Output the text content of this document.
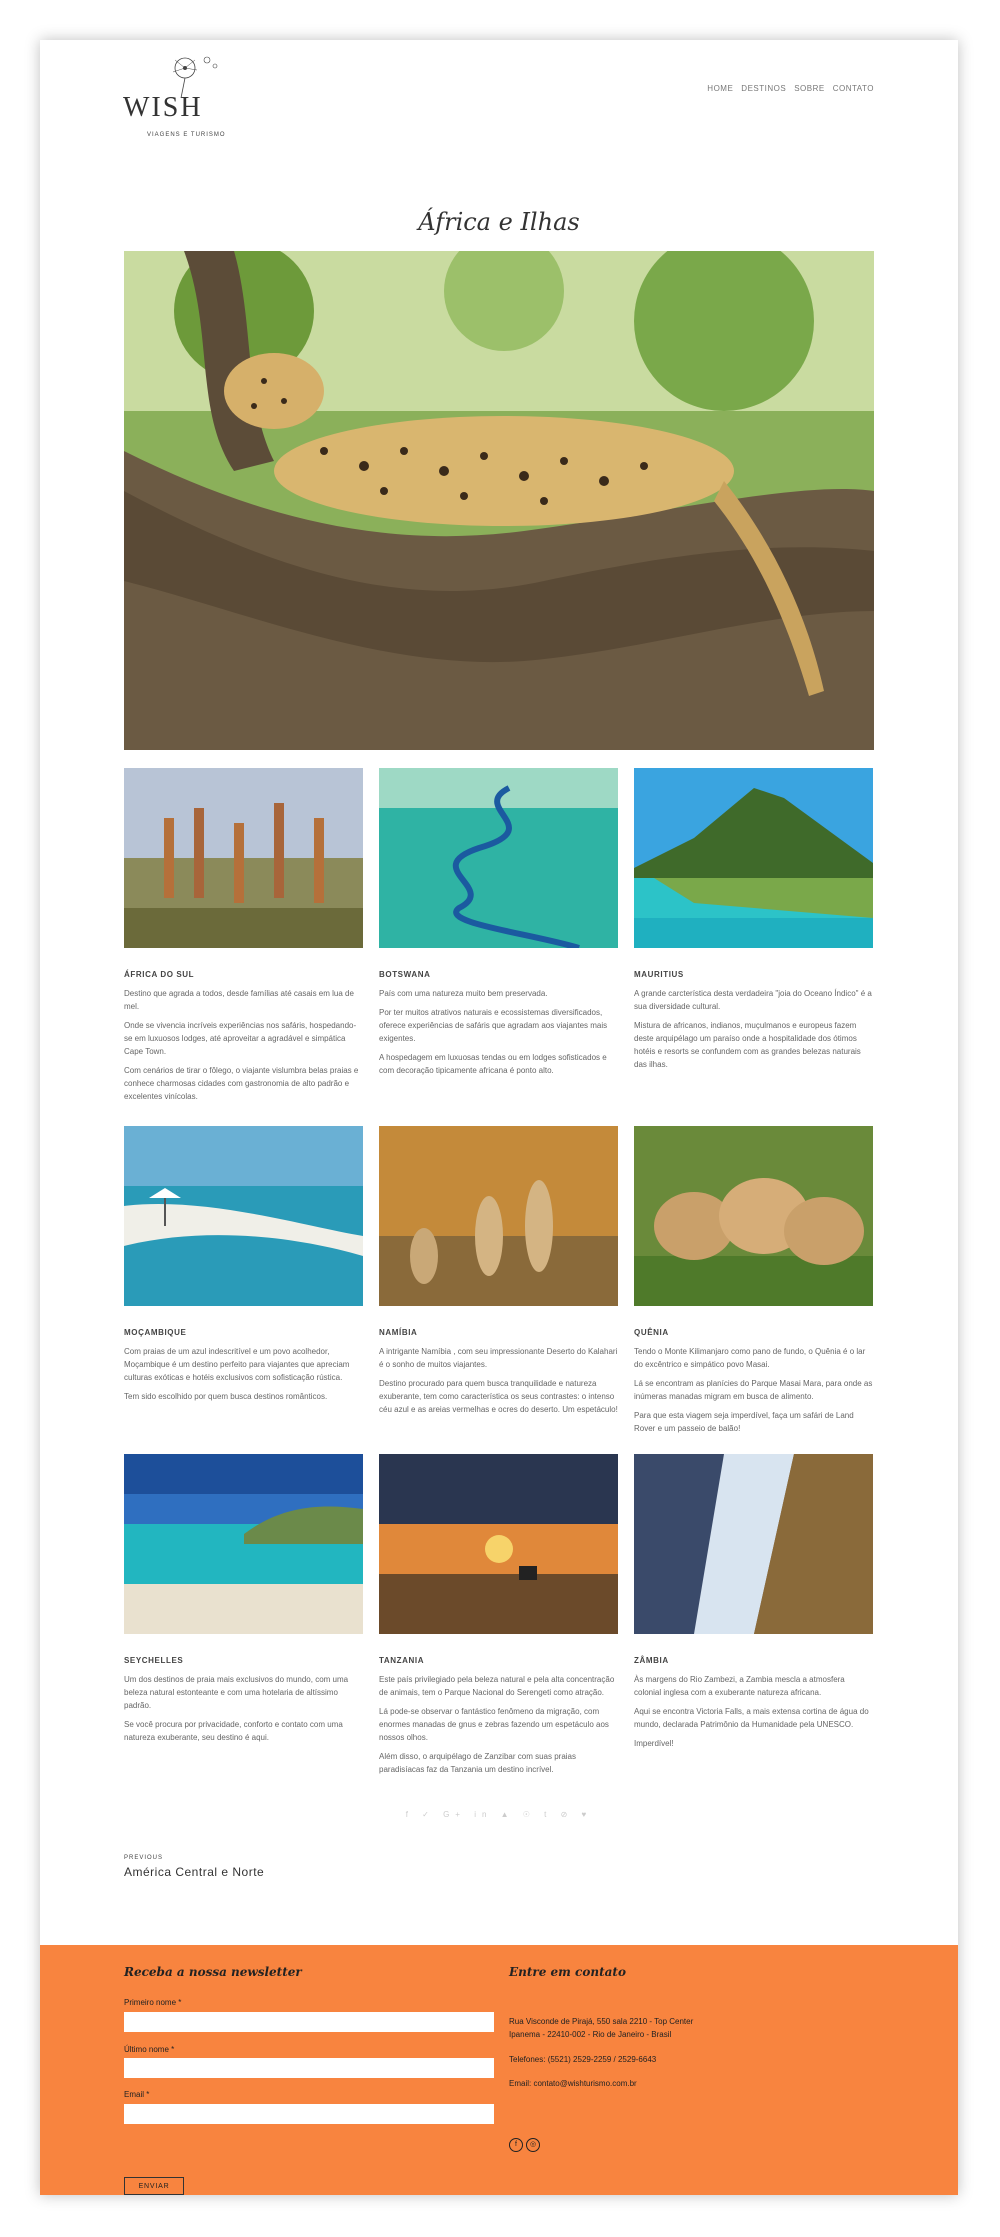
WISH
VIAGENS E TURISMO
HOME DESTINOS SOBRE CONTATO
África e Ilhas
ÁFRICA DO SUL

Destino que agrada a todos, desde famílias até casais em lua de mel.

Onde se vivencia incríveis experiências nos safáris, hospedando-se em luxuosos lodges, até aproveitar a agradável e simpática Cape Town.

Com cenários de tirar o fôlego, o viajante vislumbra belas praias e conhece charmosas cidades com gastronomia de alto padrão e excelentes vinícolas.

BOTSWANA

País com uma natureza muito bem preservada.

Por ter muitos atrativos naturais e ecossistemas diversificados, oferece experiências de safáris que agradam aos viajantes mais exigentes.

A hospedagem em luxuosas tendas ou em lodges sofisticados e com decoração tipicamente africana é ponto alto.

MAURITIUS

A grande carcterística desta verdadeira "joia do Oceano Índico" é a sua diversidade cultural.

Mistura de africanos, indianos, muçulmanos e europeus fazem deste arquipélago um paraíso onde a hospitalidade dos ótimos hotéis e resorts se confundem com as grandes belezas naturais das ilhas.

MOÇAMBIQUE

Com praias de um azul indescritível e um povo acolhedor, Moçambique é um destino perfeito para viajantes que apreciam culturas exóticas e hotéis exclusivos com sofisticação rústica.

Tem sido escolhido por quem busca destinos românticos.

NAMÍBIA

A intrigante Namíbia , com seu impressionante Deserto do Kalahari é o sonho de muitos viajantes.

Destino procurado para quem busca tranquilidade e natureza exuberante, tem como característica os seus contrastes: o intenso céu azul e as areias vermelhas e ocres do deserto. Um espetáculo!

QUÊNIA

Tendo o Monte Kilimanjaro como pano de fundo, o Quênia é o lar do excêntrico e simpático povo Masai.

Lá se encontram as planícies do Parque Masai Mara, para onde as inúmeras manadas migram em busca de alimento.

Para que esta viagem seja imperdível, faça um safári de Land Rover e um passeio de balão!

SEYCHELLES

Um dos destinos de praia mais exclusivos do mundo, com uma beleza natural estonteante e com uma hotelaria de altíssimo padrão.

Se você procura por privacidade, conforto e contato com uma natureza exuberante, seu destino é aqui.

TANZANIA

Este país privilegiado pela beleza natural e pela alta concentração de animais, tem o Parque Nacional do Serengeti como atração.

Lá pode-se observar o fantástico fenômeno da migração, com enormes manadas de gnus e zebras fazendo um espetáculo aos nossos olhos.

Além disso, o arquipélago de Zanzibar com suas praias paradisíacas faz da Tanzania um destino incrível.

ZÂMBIA

Às margens do Rio Zambezi, a Zambia mescla a atmosfera colonial inglesa com a exuberante natureza africana.

Aqui se encontra Victoria Falls, a mais extensa cortina de água do mundo, declarada Patrimônio da Humanidade pela UNESCO.

Imperdível!

f ✓ G+ in ▲ ☉ t ⊘ ♥
PREVIOUS
América Central e Norte
Receba a nossa newsletter
Primeiro nome *
Último nome *
Email *
ENVIAR
Entre em contato
Rua Visconde de Pirajá, 550 sala 2210 - Top Center
Ipanema - 22410-002 - Rio de Janeiro - Brasil
Telefones: (5521) 2529-2259 / 2529-6643
Email: contato@wishturismo.com.br
f	◎
